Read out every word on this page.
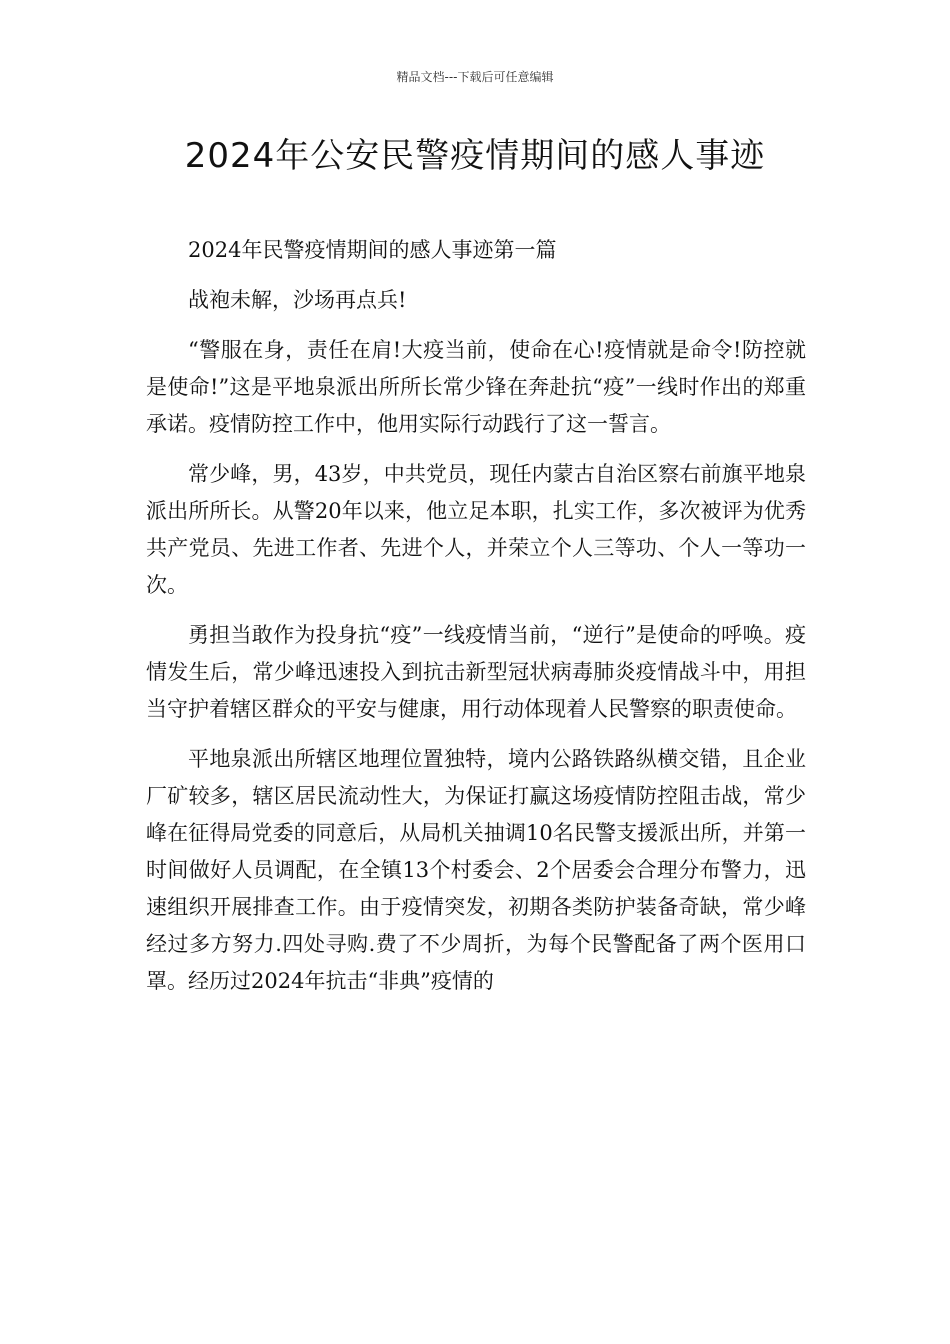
精品文档---下载后可任意编辑
2024年公安民警疫情期间的感人事迹

2024年民警疫情期间的感人事迹第一篇

战袍未解，沙场再点兵!

“警服在身，责任在肩!大疫当前，使命在心!疫情就是命令!防控就是使命!”这是平地泉派出所所长常少锋在奔赴抗“疫”一线时作出的郑重承诺。疫情防控工作中，他用实际行动践行了这一誓言。

常少峰，男，43岁，中共党员，现任内蒙古自治区察右前旗平地泉派出所所长。从警20年以来，他立足本职，扎实工作，多次被评为优秀共产党员、先进工作者、先进个人，并荣立个人三等功、个人一等功一次。

勇担当敢作为投身抗“疫”一线疫情当前，“逆行”是使命的呼唤。疫情发生后，常少峰迅速投入到抗击新型冠状病毒肺炎疫情战斗中，用担当守护着辖区群众的平安与健康，用行动体现着人民警察的职责使命。

平地泉派出所辖区地理位置独特，境内公路铁路纵横交错，且企业厂矿较多，辖区居民流动性大，为保证打赢这场疫情防控阻击战，常少峰在征得局党委的同意后，从局机关抽调10名民警支援派出所，并第一时间做好人员调配，在全镇13个村委会、2个居委会合理分布警力，迅速组织开展排查工作。由于疫情突发，初期各类防护装备奇缺，常少峰经过多方努力.四处寻购.费了不少周折，为每个民警配备了两个医用口罩。经历过2024年抗击“非典”疫情的
